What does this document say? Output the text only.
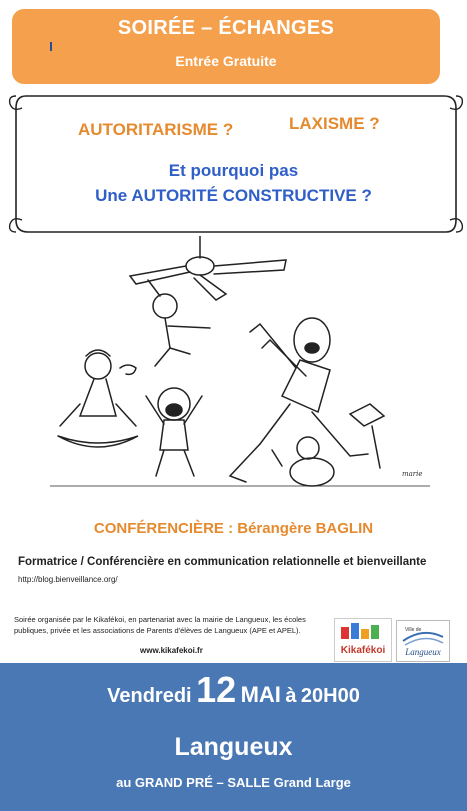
SOIRÉE – ÉCHANGES
Entrée Gratuite
AUTORITARISME ?	LAXISME ?
Et pourquoi pas
Une AUTORITÉ CONSTRUCTIVE ?
marie
CONFÉRENCIÈRE : Bérangère BAGLIN
Formatrice / Conférencière en communication relationnelle et bienveillante
http://blog.bienveillance.org/
Soirée organisée par le Kikafékoi, en partenariat avec la mairie de Langueux, les écoles publiques, privée et les associations de Parents d'élèves de Langueux (APE et APEL).
www.kikafekoi.fr	Kikafékoi
Ville de
Langueux
Vendredi 12 MAI à 20H00
Langueux
au GRAND PRÉ – SALLE Grand Large
